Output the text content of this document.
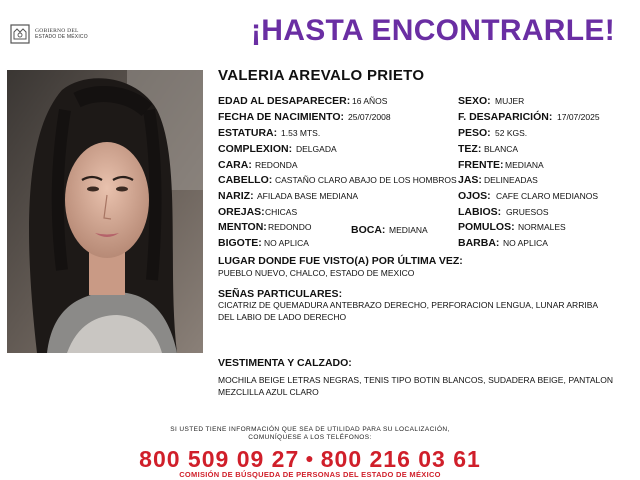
GOBIERNO DEL
ESTADO DE MÉXICO	¡HASTA ENCONTRARLE!
VALERIA AREVALO PRIETO
EDAD AL DESAPARECER: 16 AÑOS
FECHA DE NACIMIENTO: 25/07/2008
ESTATURA: 1.53 MTS.
COMPLEXION: DELGADA
CARA: REDONDA
CABELLO: CASTAÑO CLARO ABAJO DE LOS HOMBROS
NARIZ: AFILADA BASE MEDIANA
OREJAS: CHICAS
MENTON: REDONDO	BOCA: MEDIANA
BIGOTE: NO APLICA
SEXO: MUJER
F. DESAPARICIÓN: 17/07/2025
PESO: 52 KGS.
TEZ: BLANCA
FRENTE: MEDIANA
JAS: DELINEADAS
OJOS: CAFE CLARO MEDIANOS
LABIOS: GRUESOS
POMULOS: NORMALES
BARBA: NO APLICA
LUGAR DONDE FUE VISTO(A) POR ÚLTIMA VEZ:
PUEBLO NUEVO, CHALCO, ESTADO DE MEXICO
SEÑAS PARTICULARES:
CICATRIZ DE QUEMADURA ANTEBRAZO DERECHO, PERFORACION LENGUA, LUNAR ARRIBA DEL LABIO DE LADO DERECHO
VESTIMENTA Y CALZADO:
MOCHILA BEIGE LETRAS NEGRAS, TENIS TIPO BOTIN BLANCOS, SUDADERA BEIGE, PANTALON MEZCLILLA AZUL CLARO
SI USTED TIENE INFORMACIÓN QUE SEA DE UTILIDAD PARA SU LOCALIZACIÓN,
COMUNÍQUESE A LOS TELÉFONOS:
800 509 09 27 ● 800 216 03 61
COMISIÓN DE BÚSQUEDA DE PERSONAS DEL ESTADO DE MÉXICO
